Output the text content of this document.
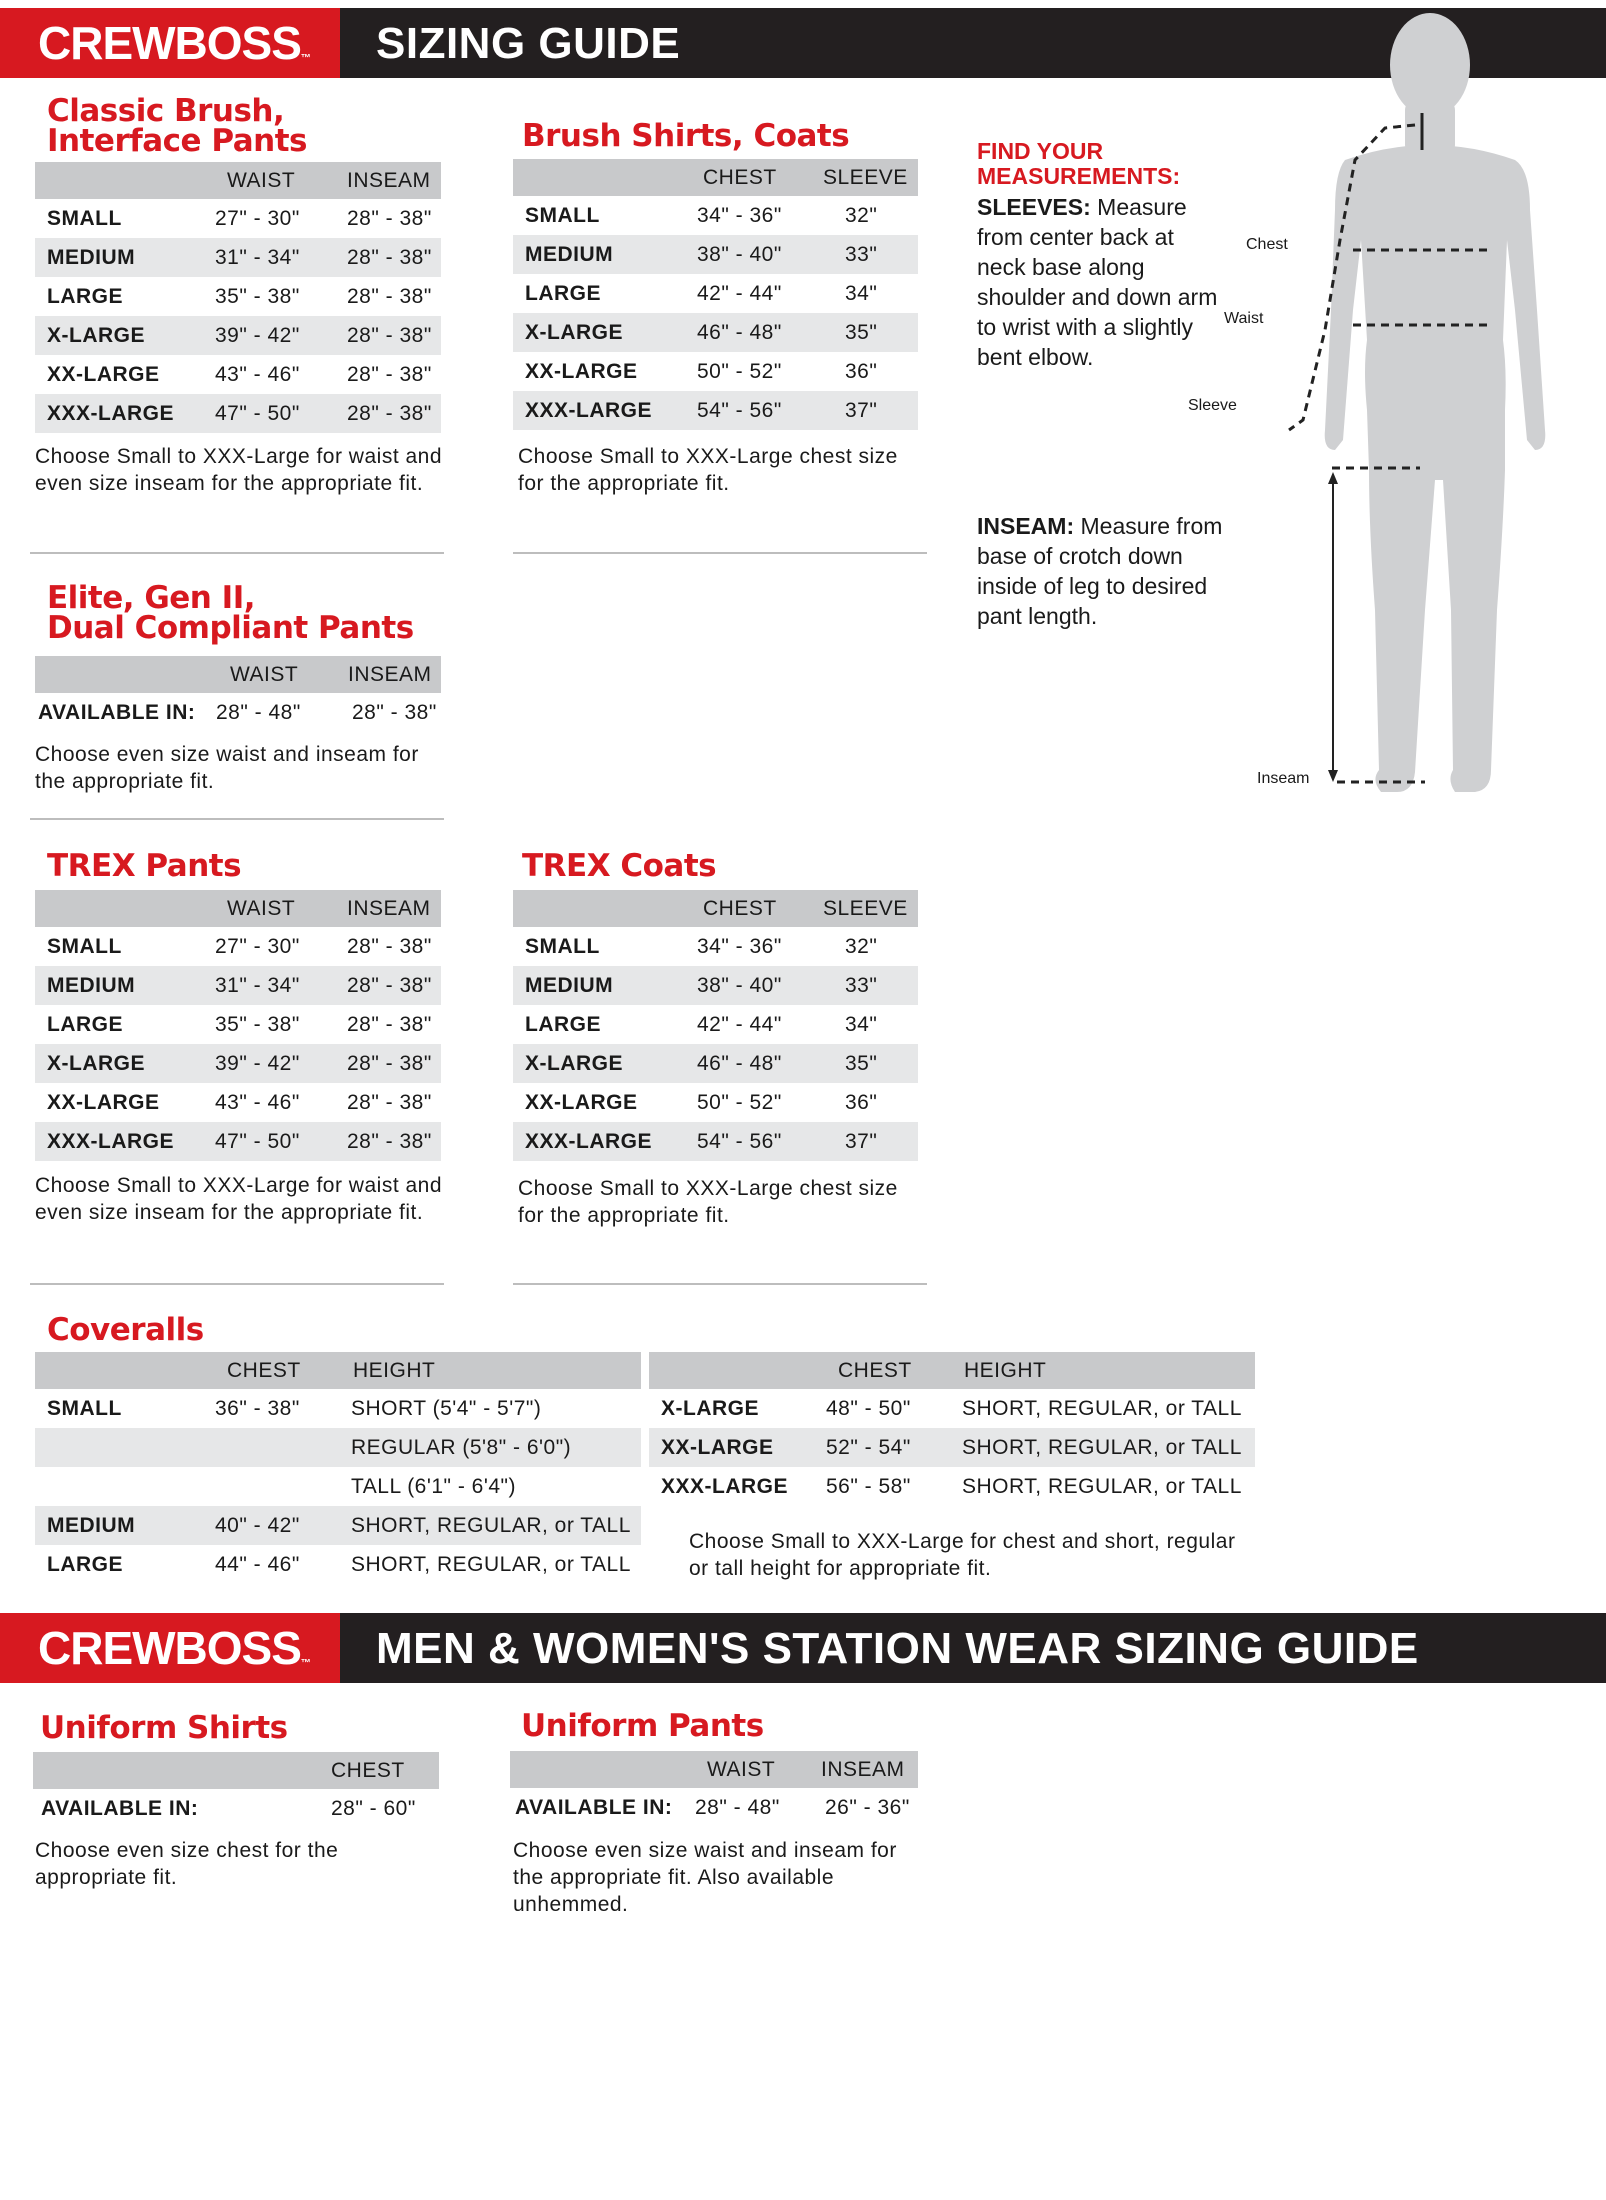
CREWBOSS™	SIZING GUIDE
Classic Brush,
Interface Pants
	WAIST	INSEAM
SMALL	27" - 30"	28" - 38"
MEDIUM	31" - 34"	28" - 38"
LARGE	35" - 38"	28" - 38"
X-LARGE	39" - 42"	28" - 38"
XX-LARGE	43" - 46"	28" - 38"
XXX-LARGE	47" - 50"	28" - 38"
Choose Small to XXX-Large for waist and even size inseam for the appropriate fit.
Brush Shirts, Coats
	CHEST	SLEEVE
SMALL	34" - 36"	32"
MEDIUM	38" - 40"	33"
LARGE	42" - 44"	34"
X-LARGE	46" - 48"	35"
XX-LARGE	50" - 52"	36"
XXX-LARGE	54" - 56"	37"
Choose Small to XXX-Large chest size for the appropriate fit.
FIND YOUR
MEASUREMENTS:
SLEEVES: Measure from center back at neck base along shoulder and down arm to wrist with a slightly bent elbow.
INSEAM: Measure from base of crotch down inside of leg to desired pant length.
Chest
Waist
Sleeve
Inseam
Elite, Gen II,
Dual Compliant Pants
	WAIST	INSEAM
AVAILABLE IN:	28" - 48"	28" - 38"
Choose even size waist and inseam for the appropriate fit.
TREX Pants
	WAIST	INSEAM
SMALL	27" - 30"	28" - 38"
MEDIUM	31" - 34"	28" - 38"
LARGE	35" - 38"	28" - 38"
X-LARGE	39" - 42"	28" - 38"
XX-LARGE	43" - 46"	28" - 38"
XXX-LARGE	47" - 50"	28" - 38"
Choose Small to XXX-Large for waist and even size inseam for the appropriate fit.
TREX Coats
	CHEST	SLEEVE
SMALL	34" - 36"	32"
MEDIUM	38" - 40"	33"
LARGE	42" - 44"	34"
X-LARGE	46" - 48"	35"
XX-LARGE	50" - 52"	36"
XXX-LARGE	54" - 56"	37"
Choose Small to XXX-Large chest size for the appropriate fit.
Coveralls
	CHEST	HEIGHT
SMALL	36" - 38"	SHORT (5'4" - 5'7")
		REGULAR (5'8" - 6'0")
		TALL (6'1" - 6'4")
MEDIUM	40" - 42"	SHORT, REGULAR, or TALL
LARGE	44" - 46"	SHORT, REGULAR, or TALL
	CHEST	HEIGHT
X-LARGE	48" - 50"	SHORT, REGULAR, or TALL
XX-LARGE	52" - 54"	SHORT, REGULAR, or TALL
XXX-LARGE	56" - 58"	SHORT, REGULAR, or TALL
Choose Small to XXX-Large for chest and short, regular or tall height for appropriate fit.
CREWBOSS™	MEN & WOMEN'S STATION WEAR SIZING GUIDE
Uniform Shirts
	CHEST
AVAILABLE IN:	28" - 60"
Choose even size chest for the appropriate fit.
Uniform Pants
	WAIST	INSEAM
AVAILABLE IN:	28" - 48"	26" - 36"
Choose even size waist and inseam for the appropriate fit. Also available unhemmed.
